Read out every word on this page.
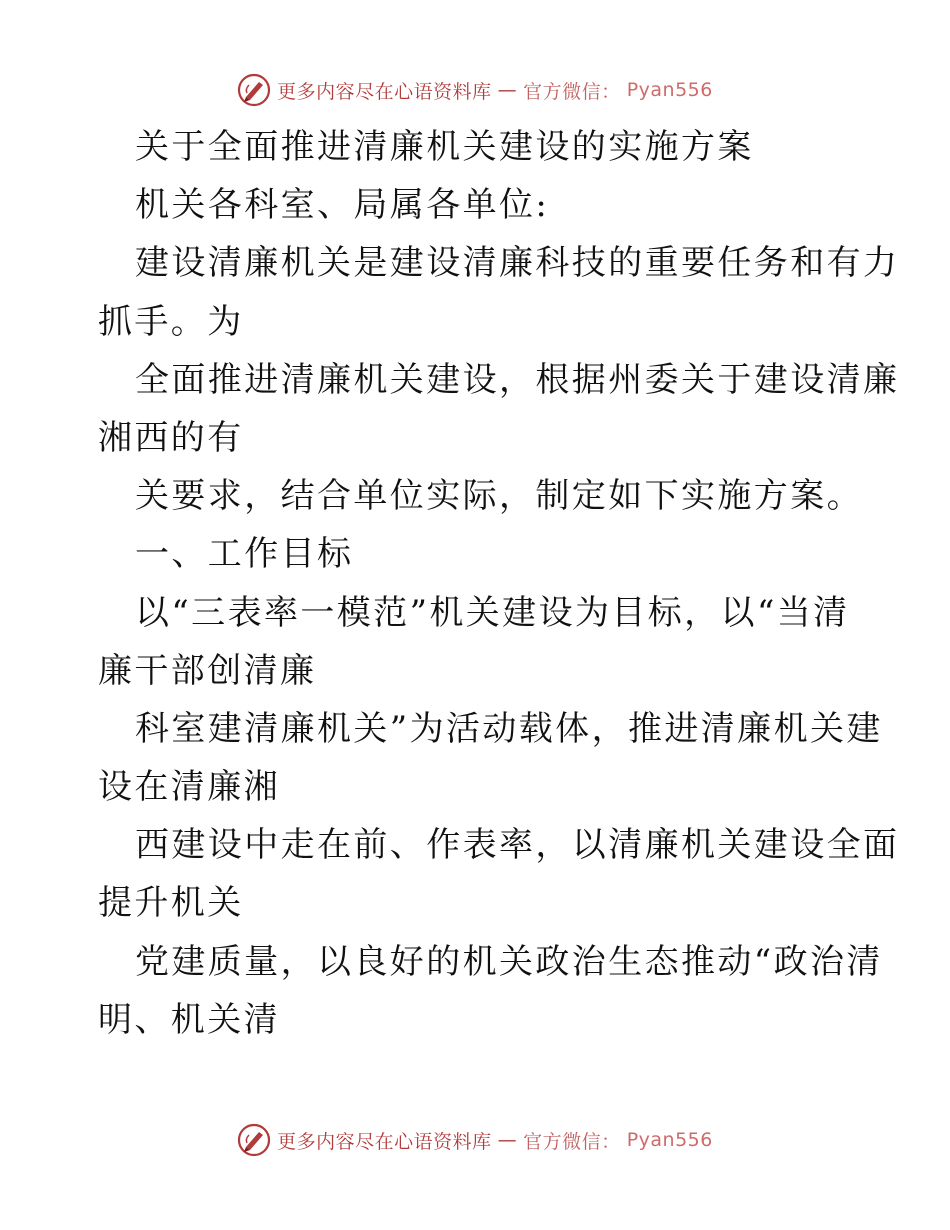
更多内容尽在心语资料库 — 官方微信： Pyan556
关于全面推进清廉机关建设的实施方案
机关各科室、局属各单位:
建设清廉机关是建设清廉科技的重要任务和有力
抓手。为
全面推进清廉机关建设，根据州委关于建设清廉
湘西的有
关要求，结合单位实际，制定如下实施方案。
一、工作目标
以“三表率一模范”机关建设为目标，以“当清
廉干部创清廉
科室建清廉机关”为活动载体，推进清廉机关建
设在清廉湘
西建设中走在前、作表率，以清廉机关建设全面
提升机关
党建质量，以良好的机关政治生态推动“政治清
明、机关清
更多内容尽在心语资料库 — 官方微信： Pyan556
